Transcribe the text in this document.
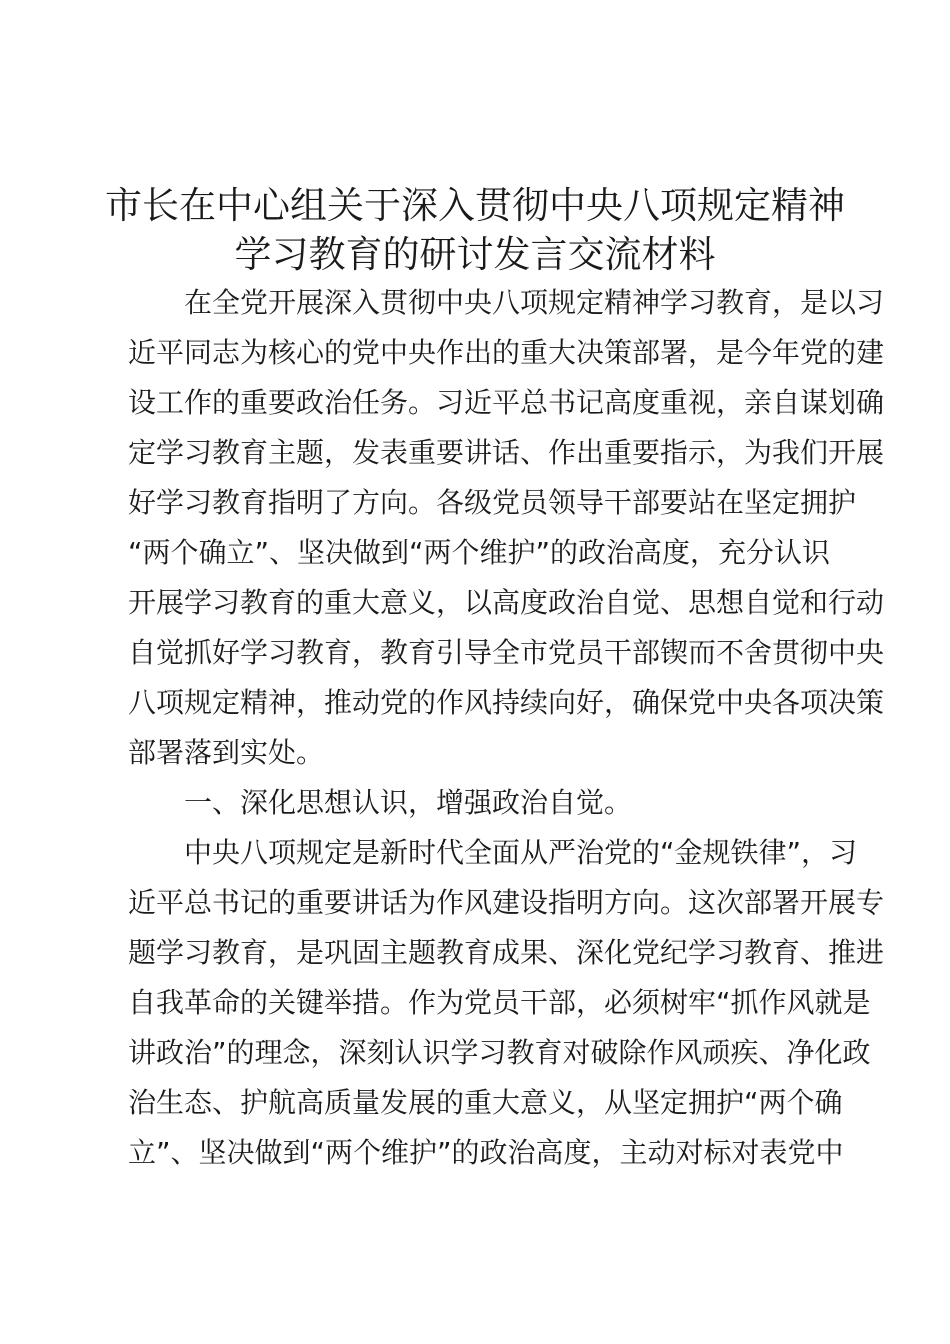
市长在中心组关于深入贯彻中央八项规定精神
学习教育的研讨发言交流材料
在全党开展深入贯彻中央八项规定精神学习教育，是以习
近平同志为核心的党中央作出的重大决策部署，是今年党的建
设工作的重要政治任务。习近平总书记高度重视，亲自谋划确
定学习教育主题，发表重要讲话、作出重要指示，为我们开展
好学习教育指明了方向。各级党员领导干部要站在坚定拥护
“两个确立”、坚决做到“两个维护”的政治高度，充分认识
开展学习教育的重大意义，以高度政治自觉、思想自觉和行动
自觉抓好学习教育，教育引导全市党员干部锲而不舍贯彻中央
八项规定精神，推动党的作风持续向好，确保党中央各项决策
部署落到实处。
一、深化思想认识，增强政治自觉。
中央八项规定是新时代全面从严治党的“金规铁律”，习
近平总书记的重要讲话为作风建设指明方向。这次部署开展专
题学习教育，是巩固主题教育成果、深化党纪学习教育、推进
自我革命的关键举措。作为党员干部，必须树牢“抓作风就是
讲政治”的理念，深刻认识学习教育对破除作风顽疾、净化政
治生态、护航高质量发展的重大意义，从坚定拥护“两个确
立”、坚决做到“两个维护”的政治高度，主动对标对表党中
